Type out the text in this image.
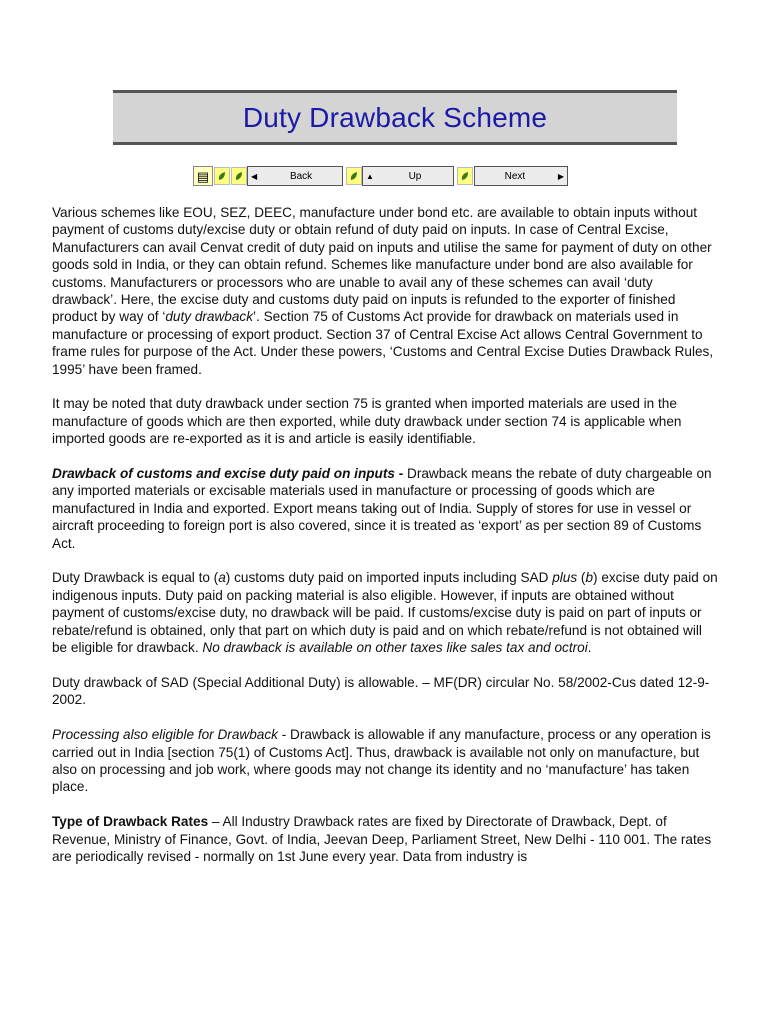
Duty Drawback Scheme
▤	◀	Back	▲	Up	Next	▶

Various schemes like EOU, SEZ, DEEC, manufacture under bond etc. are available to obtain inputs without payment of customs duty/excise duty or obtain refund of duty paid on inputs. In case of Central Excise, Manufacturers can avail Cenvat credit of duty paid on inputs and utilise the same for payment of duty on other goods sold in India, or they can obtain refund. Schemes like manufacture under bond are also available for customs. Manufacturers or processors who are unable to avail any of these schemes can avail ‘duty drawback’. Here, the excise duty and customs duty paid on inputs is refunded to the exporter of finished product by way of ‘duty drawback’. Section 75 of Customs Act provide for drawback on materials used in manufacture or processing of export product. Section 37 of Central Excise Act allows Central Government to frame rules for purpose of the Act. Under these powers, ‘Customs and Central Excise Duties Drawback Rules, 1995’ have been framed.

It may be noted that duty drawback under section 75 is granted when imported materials are used in the manufacture of goods which are then exported, while duty drawback under section 74 is applicable when imported goods are re-exported as it is and article is easily identifiable.

Drawback of customs and excise duty paid on inputs - Drawback means the rebate of duty chargeable on any imported materials or excisable materials used in manufacture or processing of goods which are manufactured in India and exported. Export means taking out of India. Supply of stores for use in vessel or aircraft proceeding to foreign port is also covered, since it is treated as ‘export’ as per section 89 of Customs Act.

Duty Drawback is equal to (a) customs duty paid on imported inputs including SAD plus (b) excise duty paid on indigenous inputs. Duty paid on packing material is also eligible. However, if inputs are obtained without payment of customs/excise duty, no drawback will be paid. If customs/excise duty is paid on part of inputs or rebate/refund is obtained, only that part on which duty is paid and on which rebate/refund is not obtained will be eligible for drawback. No drawback is available on other taxes like sales tax and octroi.

Duty drawback of SAD (Special Additional Duty) is allowable. – MF(DR) circular No. 58/2002-Cus dated 12-9-2002.

Processing also eligible for Drawback - Drawback is allowable if any manufacture, process or any operation is carried out in India [section 75(1) of Customs Act]. Thus, drawback is available not only on manufacture, but also on processing and job work, where goods may not change its identity and no ‘manufacture’ has taken place.

Type of Drawback Rates – All Industry Drawback rates are fixed by Directorate of Drawback, Dept. of Revenue, Ministry of Finance, Govt. of India, Jeevan Deep, Parliament Street, New Delhi - 110 001. The rates are periodically revised - normally on 1st June every year. Data from industry is
